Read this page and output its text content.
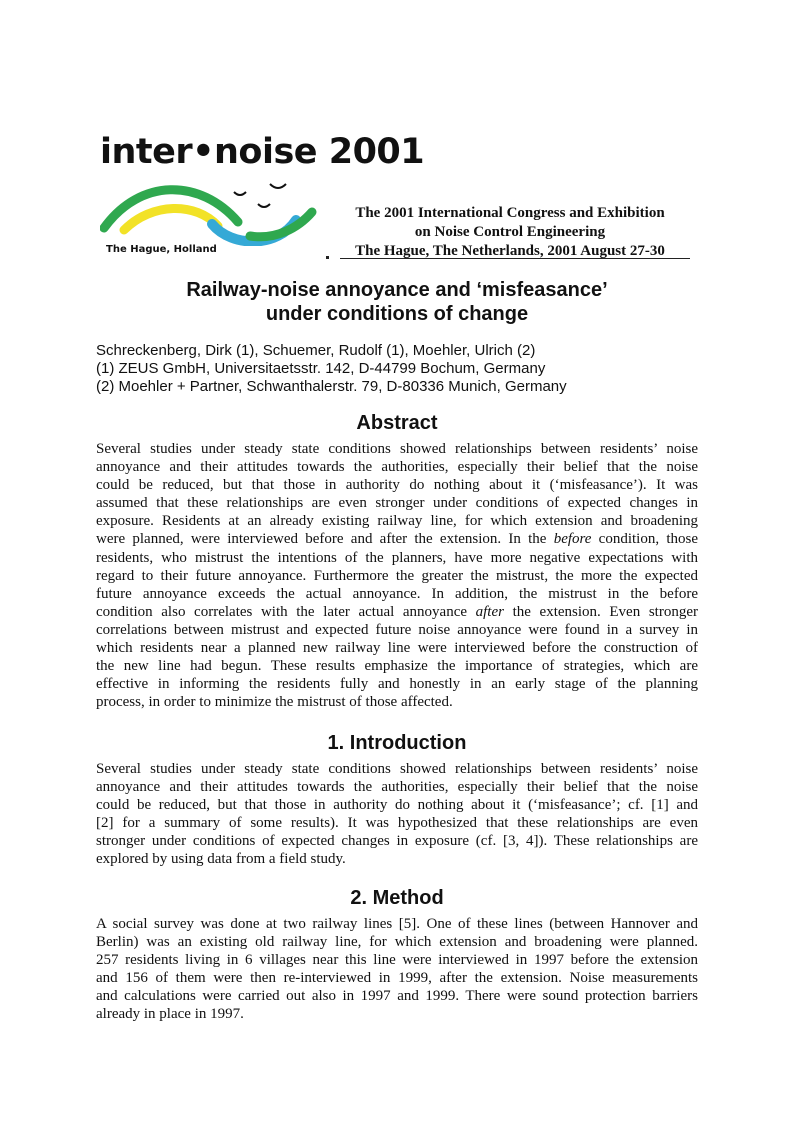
inter•noise 2001
The Hague, Holland
The 2001 International Congress and Exhibition
on Noise Control Engineering
The Hague, The Netherlands, 2001 August 27-30
Railway-noise annoyance and ‘misfeasance’
under conditions of change
Schreckenberg, Dirk (1), Schuemer, Rudolf (1), Moehler, Ulrich (2)
(1) ZEUS GmbH, Universitaetsstr. 142, D-44799 Bochum, Germany
(2) Moehler + Partner, Schwanthalerstr. 79, D-80336 Munich, Germany
Abstract
Several studies under steady state conditions showed relationships between residents’ noise
annoyance and their attitudes towards the authorities, especially their belief that the noise
could be reduced, but that those in authority do nothing about it (‘misfeasance’). It was
assumed that these relationships are even stronger under conditions of expected changes in
exposure. Residents at an already existing railway line, for which extension and broadening
were planned, were interviewed before and after the extension. In the before condition, those
residents, who mistrust the intentions of the planners, have more negative expectations with
regard to their future annoyance. Furthermore the greater the mistrust, the more the expected
future annoyance exceeds the actual annoyance. In addition, the mistrust in the before
condition also correlates with the later actual annoyance after the extension. Even stronger
correlations between mistrust and expected future noise annoyance were found in a survey in
which residents near a planned new railway line were interviewed before the construction of
the new line had begun. These results emphasize the importance of strategies, which are
effective in informing the residents fully and honestly in an early stage of the planning
process, in order to minimize the mistrust of those affected.
1. Introduction
Several studies under steady state conditions showed relationships between residents’ noise
annoyance and their attitudes towards the authorities, especially their belief that the noise
could be reduced, but that those in authority do nothing about it (‘misfeasance’; cf. [1] and
[2] for a summary of some results). It was hypothesized that these relationships are even
stronger under conditions of expected changes in exposure (cf. [3, 4]). These relationships are
explored by using data from a field study.
2. Method
A social survey was done at two railway lines [5]. One of these lines (between Hannover and
Berlin) was an existing old railway line, for which extension and broadening were planned.
257 residents living in 6 villages near this line were interviewed in 1997 before the extension
and 156 of them were then re-interviewed in 1999, after the extension. Noise measurements
and calculations were carried out also in 1997 and 1999. There were sound protection barriers
already in place in 1997.
